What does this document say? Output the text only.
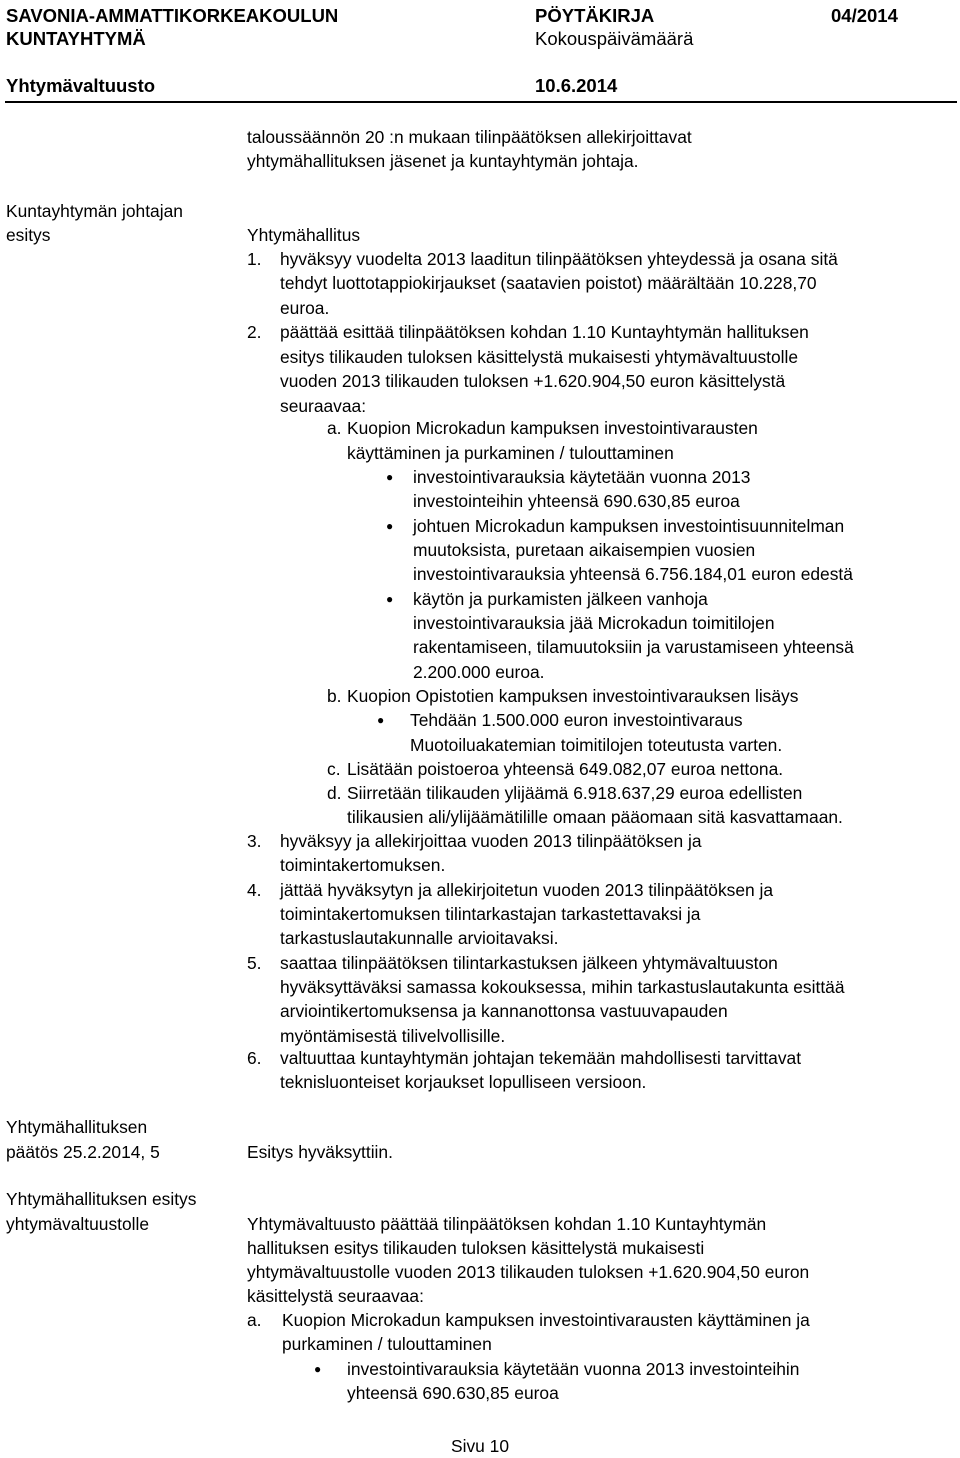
SAVONIA-AMMATTIKORKEAKOULUN
KUNTAYHTYMÄ
PÖYTÄKIRJA	04/2014
Kokouspäivämäärä
Yhtymävaltuusto	10.6.2014
taloussäännön 20 :n mukaan tilinpäätöksen allekirjoittavat
yhtymähallituksen jäsenet ja kuntayhtymän johtaja.
Kuntayhtymän johtajan
esitys	Yhtymähallitus
1. hyväksyy vuodelta 2013 laaditun tilinpäätöksen yhteydessä ja osana sitä
tehdyt luottotappiokirjaukset (saatavien poistot) määrältään 10.228,70
euroa.
2. päättää esittää tilinpäätöksen kohdan 1.10 Kuntayhtymän hallituksen
esitys tilikauden tuloksen käsittelystä mukaisesti yhtymävaltuustolle
vuoden 2013 tilikauden tuloksen +1.620.904,50 euron käsittelystä
seuraavaa:
a. Kuopion Microkadun kampuksen investointivarausten
käyttäminen ja purkaminen / tulouttaminen
● investointivarauksia käytetään vuonna 2013
investointeihin yhteensä 690.630,85 euroa
● johtuen Microkadun kampuksen investointisuunnitelman
muutoksista, puretaan aikaisempien vuosien
investointivarauksia yhteensä 6.756.184,01 euron edestä
● käytön ja purkamisten jälkeen vanhoja
investointivarauksia jää Microkadun toimitilojen
rakentamiseen, tilamuutoksiin ja varustamiseen yhteensä
2.200.000 euroa.
b. Kuopion Opistotien kampuksen investointivarauksen lisäys
● Tehdään 1.500.000 euron investointivaraus
Muotoiluakatemian toimitilojen toteutusta varten.
c. Lisätään poistoeroa yhteensä 649.082,07 euroa nettona.
d. Siirretään tilikauden ylijäämä 6.918.637,29 euroa edellisten
tilikausien ali/ylijäämätilille omaan pääomaan sitä kasvattamaan.
3. hyväksyy ja allekirjoittaa vuoden 2013 tilinpäätöksen ja
toimintakertomuksen.
4. jättää hyväksytyn ja allekirjoitetun vuoden 2013 tilinpäätöksen ja
toimintakertomuksen tilintarkastajan tarkastettavaksi ja
tarkastuslautakunnalle arvioitavaksi.
5. saattaa tilinpäätöksen tilintarkastuksen jälkeen yhtymävaltuuston
hyväksyttäväksi samassa kokouksessa, mihin tarkastuslautakunta esittää
arviointikertomuksensa ja kannanottonsa vastuuvapauden
myöntämisestä tilivelvollisille.
6. valtuuttaa kuntayhtymän johtajan tekemään mahdollisesti tarvittavat
teknisluonteiset korjaukset lopulliseen versioon.
Yhtymähallituksen
päätös 25.2.2014, 5	Esitys hyväksyttiin.
Yhtymähallituksen esitys
yhtymävaltuustolle	Yhtymävaltuusto päättää tilinpäätöksen kohdan 1.10 Kuntayhtymän
hallituksen esitys tilikauden tuloksen käsittelystä mukaisesti
yhtymävaltuustolle vuoden 2013 tilikauden tuloksen +1.620.904,50 euron
käsittelystä seuraavaa:
a. Kuopion Microkadun kampuksen investointivarausten käyttäminen ja
purkaminen / tulouttaminen
● investointivarauksia käytetään vuonna 2013 investointeihin
yhteensä 690.630,85 euroa
Sivu 10
